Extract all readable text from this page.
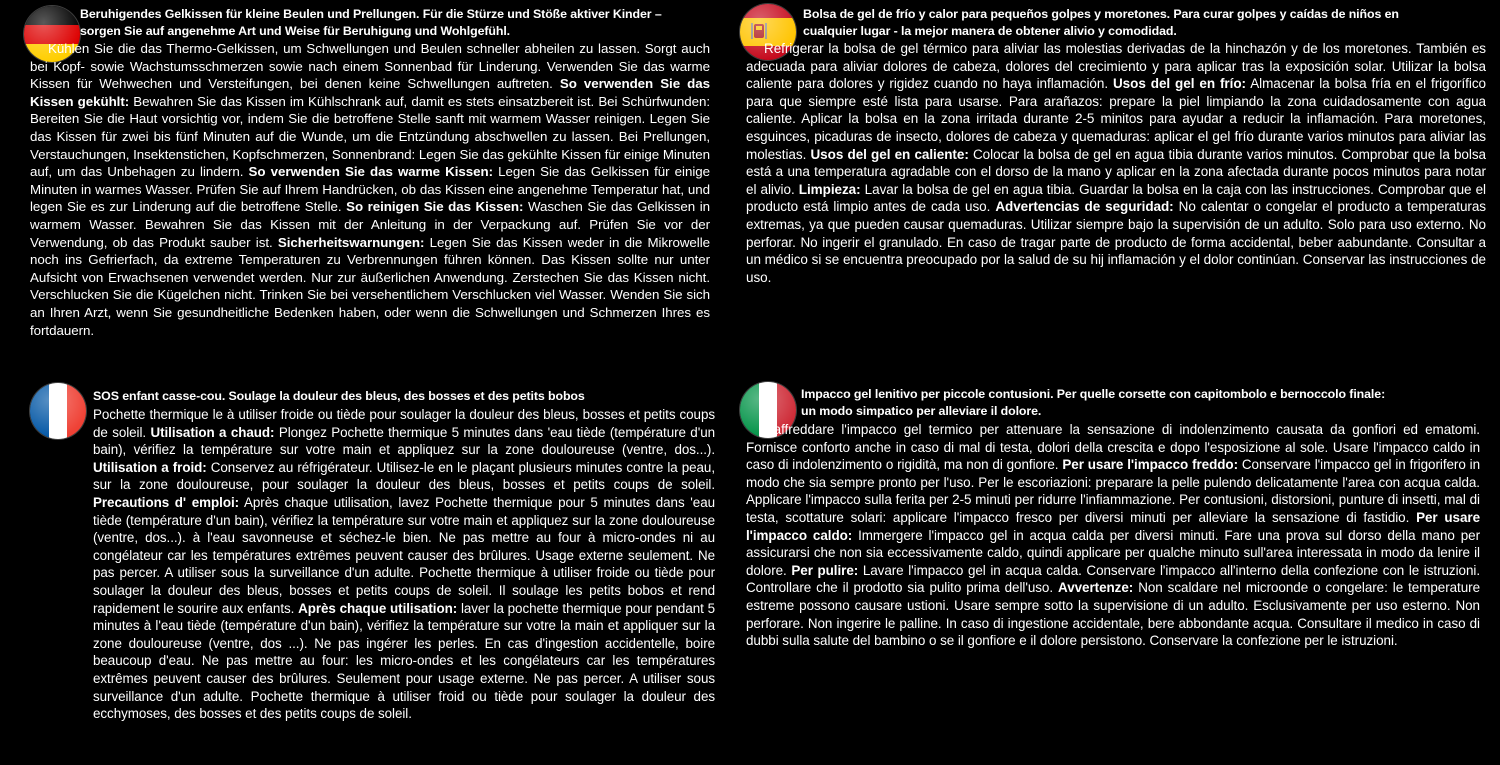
Beruhigendes Gelkissen für kleine Beulen und Prellungen. Für die Stürze und Stöße aktiver Kinder – sorgen Sie auf angenehme Art und Weise für Beruhigung und Wohlgefühl.
Kühlen Sie die das Thermo-Gelkissen, um Schwellungen und Beulen schneller abheilen zu lassen. Sorgt auch bei Kopf- sowie Wachstumsschmerzen sowie nach einem Sonnenbad für Linderung. Verwenden Sie das warme Kissen für Wehwechen und Versteifungen, bei denen keine Schwellungen auftreten. So verwenden Sie das Kissen gekühlt: Bewahren Sie das Kissen im Kühlschrank auf, damit es stets einsatzbereit ist. Bei Schürfwunden: Bereiten Sie die Haut vorsichtig vor, indem Sie die betroffene Stelle sanft mit warmem Wasser reinigen. Legen Sie das Kissen für zwei bis fünf Minuten auf die Wunde, um die Entzündung abschwellen zu lassen. Bei Prellungen, Verstauchungen, Insektenstichen, Kopfschmerzen, Sonnenbrand: Legen Sie das gekühlte Kissen für einige Minuten auf, um das Unbehagen zu lindern. So verwenden Sie das warme Kissen: Legen Sie das Gelkissen für einige Minuten in warmes Wasser. Prüfen Sie auf Ihrem Handrücken, ob das Kissen eine angenehme Temperatur hat, und legen Sie es zur Linderung auf die betroffene Stelle. So reinigen Sie das Kissen: Waschen Sie das Gelkissen in warmem Wasser. Bewahren Sie das Kissen mit der Anleitung in der Verpackung auf. Prüfen Sie vor der Verwendung, ob das Produkt sauber ist. Sicherheitswarnungen: Legen Sie das Kissen weder in die Mikrowelle noch ins Gefrierfach, da extreme Temperaturen zu Verbrennungen führen können. Das Kissen sollte nur unter Aufsicht von Erwachsenen verwendet werden. Nur zur äußerlichen Anwendung. Zerstechen Sie das Kissen nicht. Verschlucken Sie die Kügelchen nicht. Trinken Sie bei versehentlichem Verschlucken viel Wasser. Wenden Sie sich an Ihren Arzt, wenn Sie gesundheitliche Bedenken haben, oder wenn die Schwellungen und Schmerzen Ihres es fortdauern.
Bolsa de gel de frío y calor para pequeños golpes y moretones. Para curar golpes y caídas de niños en cualquier lugar - la mejor manera de obtener alivio y comodidad.
Refrigerar la bolsa de gel térmico para aliviar las molestias derivadas de la hinchazón y de los moretones. También es adecuada para aliviar dolores de cabeza, dolores del crecimiento y para aplicar tras la exposición solar. Utilizar la bolsa caliente para dolores y rigidez cuando no haya inflamación. Usos del gel en frío: Almacenar la bolsa fría en el frigorífico para que siempre esté lista para usarse. Para arañazos: prepare la piel limpiando la zona cuidadosamente con agua caliente. Aplicar la bolsa en la zona irritada durante 2-5 minitos para ayudar a reducir la inflamación. Para moretones, esguinces, picaduras de insecto, dolores de cabeza y quemaduras: aplicar el gel frío durante varios minutos para aliviar las molestias. Usos del gel en caliente: Colocar la bolsa de gel en agua tibia durante varios minutos. Comprobar que la bolsa está a una temperatura agradable con el dorso de la mano y aplicar en la zona afectada durante pocos minutos para notar el alivio. Limpieza: Lavar la bolsa de gel en agua tibia. Guardar la bolsa en la caja con las instrucciones. Comprobar que el producto está limpio antes de cada uso. Advertencias de seguridad: No calentar o congelar el producto a temperaturas extremas, ya que pueden causar quemaduras. Utilizar siempre bajo la supervisión de un adulto. Solo para uso externo. No perforar. No ingerir el granulado. En caso de tragar parte de producto de forma accidental, beber aabundante. Consultar a un médico si se encuentra preocupado por la salud de su hij inflamación y el dolor continúan. Conservar las instrucciones de uso.
SOS enfant casse-cou. Soulage la douleur des bleus, des bosses et des petits bobos
Pochette thermique le à utiliser froide ou tiède pour soulager la douleur des bleus, bosses et petits coups de soleil. Utilisation a chaud: Plongez Pochette thermique 5 minutes dans 'eau tiède (température d'un bain), vérifiez la température sur votre main et appliquez sur la zone douloureuse (ventre, dos...). Utilisation a froid: Conservez au réfrigérateur. Utilisez-le en le plaçant plusieurs minutes contre la peau, sur la zone douloureuse, pour soulager la douleur des bleus, bosses et petits coups de soleil. Precautions d' emploi: Après chaque utilisation, lavez Pochette thermique pour 5 minutes dans 'eau tiède (température d'un bain), vérifiez la température sur votre main et appliquez sur la zone douloureuse (ventre, dos...). à l'eau savonneuse et séchez-le bien. Ne pas mettre au four à micro-ondes ni au congélateur car les températures extrêmes peuvent causer des brûlures. Usage externe seulement. Ne pas percer. A utiliser sous la surveillance d'un adulte. Pochette thermique à utiliser froide ou tiède pour soulager la douleur des bleus, bosses et petits coups de soleil. Il soulage les petits bobos et rend rapidement le sourire aux enfants. Après chaque utilisation: laver la pochette thermique pour pendant 5 minutes à l'eau tiède (température d'un bain), vérifiez la température sur votre la main et appliquer sur la zone douloureuse (ventre, dos ...). Ne pas ingérer les perles. En cas d'ingestion accidentelle, boire beaucoup d'eau. Ne pas mettre au four: les micro-ondes et les congélateurs car les températures extrêmes peuvent causer des brûlures. Seulement pour usage externe. Ne pas percer. A utiliser sous surveillance d'un adulte. Pochette thermique à utiliser froid ou tiède pour soulager la douleur des ecchymoses, des bosses et des petits coups de soleil.
Impacco gel lenitivo per piccole contusioni. Per quelle corsette con capitombolo e bernoccolo finale: un modo simpatico per alleviare il dolore.
Raffreddare l'impacco gel termico per attenuare la sensazione di indolenzimento causata da gonfiori ed ematomi. Fornisce conforto anche in caso di mal di testa, dolori della crescita e dopo l'esposizione al sole. Usare l'impacco caldo in caso di indolenzimento o rigidità, ma non di gonfiore. Per usare l'impacco freddo: Conservare l'impacco gel in frigorifero in modo che sia sempre pronto per l'uso. Per le escoriazioni: preparare la pelle pulendo delicatamente l'area con acqua calda. Applicare l'impacco sulla ferita per 2-5 minuti per ridurre l'infiammazione. Per contusioni, distorsioni, punture di insetti, mal di testa, scottature solari: applicare l'impacco fresco per diversi minuti per alleviare la sensazione di fastidio. Per usare l'impacco caldo: Immergere l'impacco gel in acqua calda per diversi minuti. Fare una prova sul dorso della mano per assicurarsi che non sia eccessivamente caldo, quindi applicare per qualche minuto sull'area interessata in modo da lenire il dolore. Per pulire: Lavare l'impacco gel in acqua calda. Conservare l'impacco all'interno della confezione con le istruzioni. Controllare che il prodotto sia pulito prima dell'uso. Avvertenze: Non scaldare nel microonde o congelare: le temperature estreme possono causare ustioni. Usare sempre sotto la supervisione di un adulto. Esclusivamente per uso esterno. Non perforare. Non ingerire le palline. In caso di ingestione accidentale, bere abbondante acqua. Consultare il medico in caso di dubbi sulla salute del bambino o se il gonfiore e il dolore persistono. Conservare la confezione per le istruzioni.
